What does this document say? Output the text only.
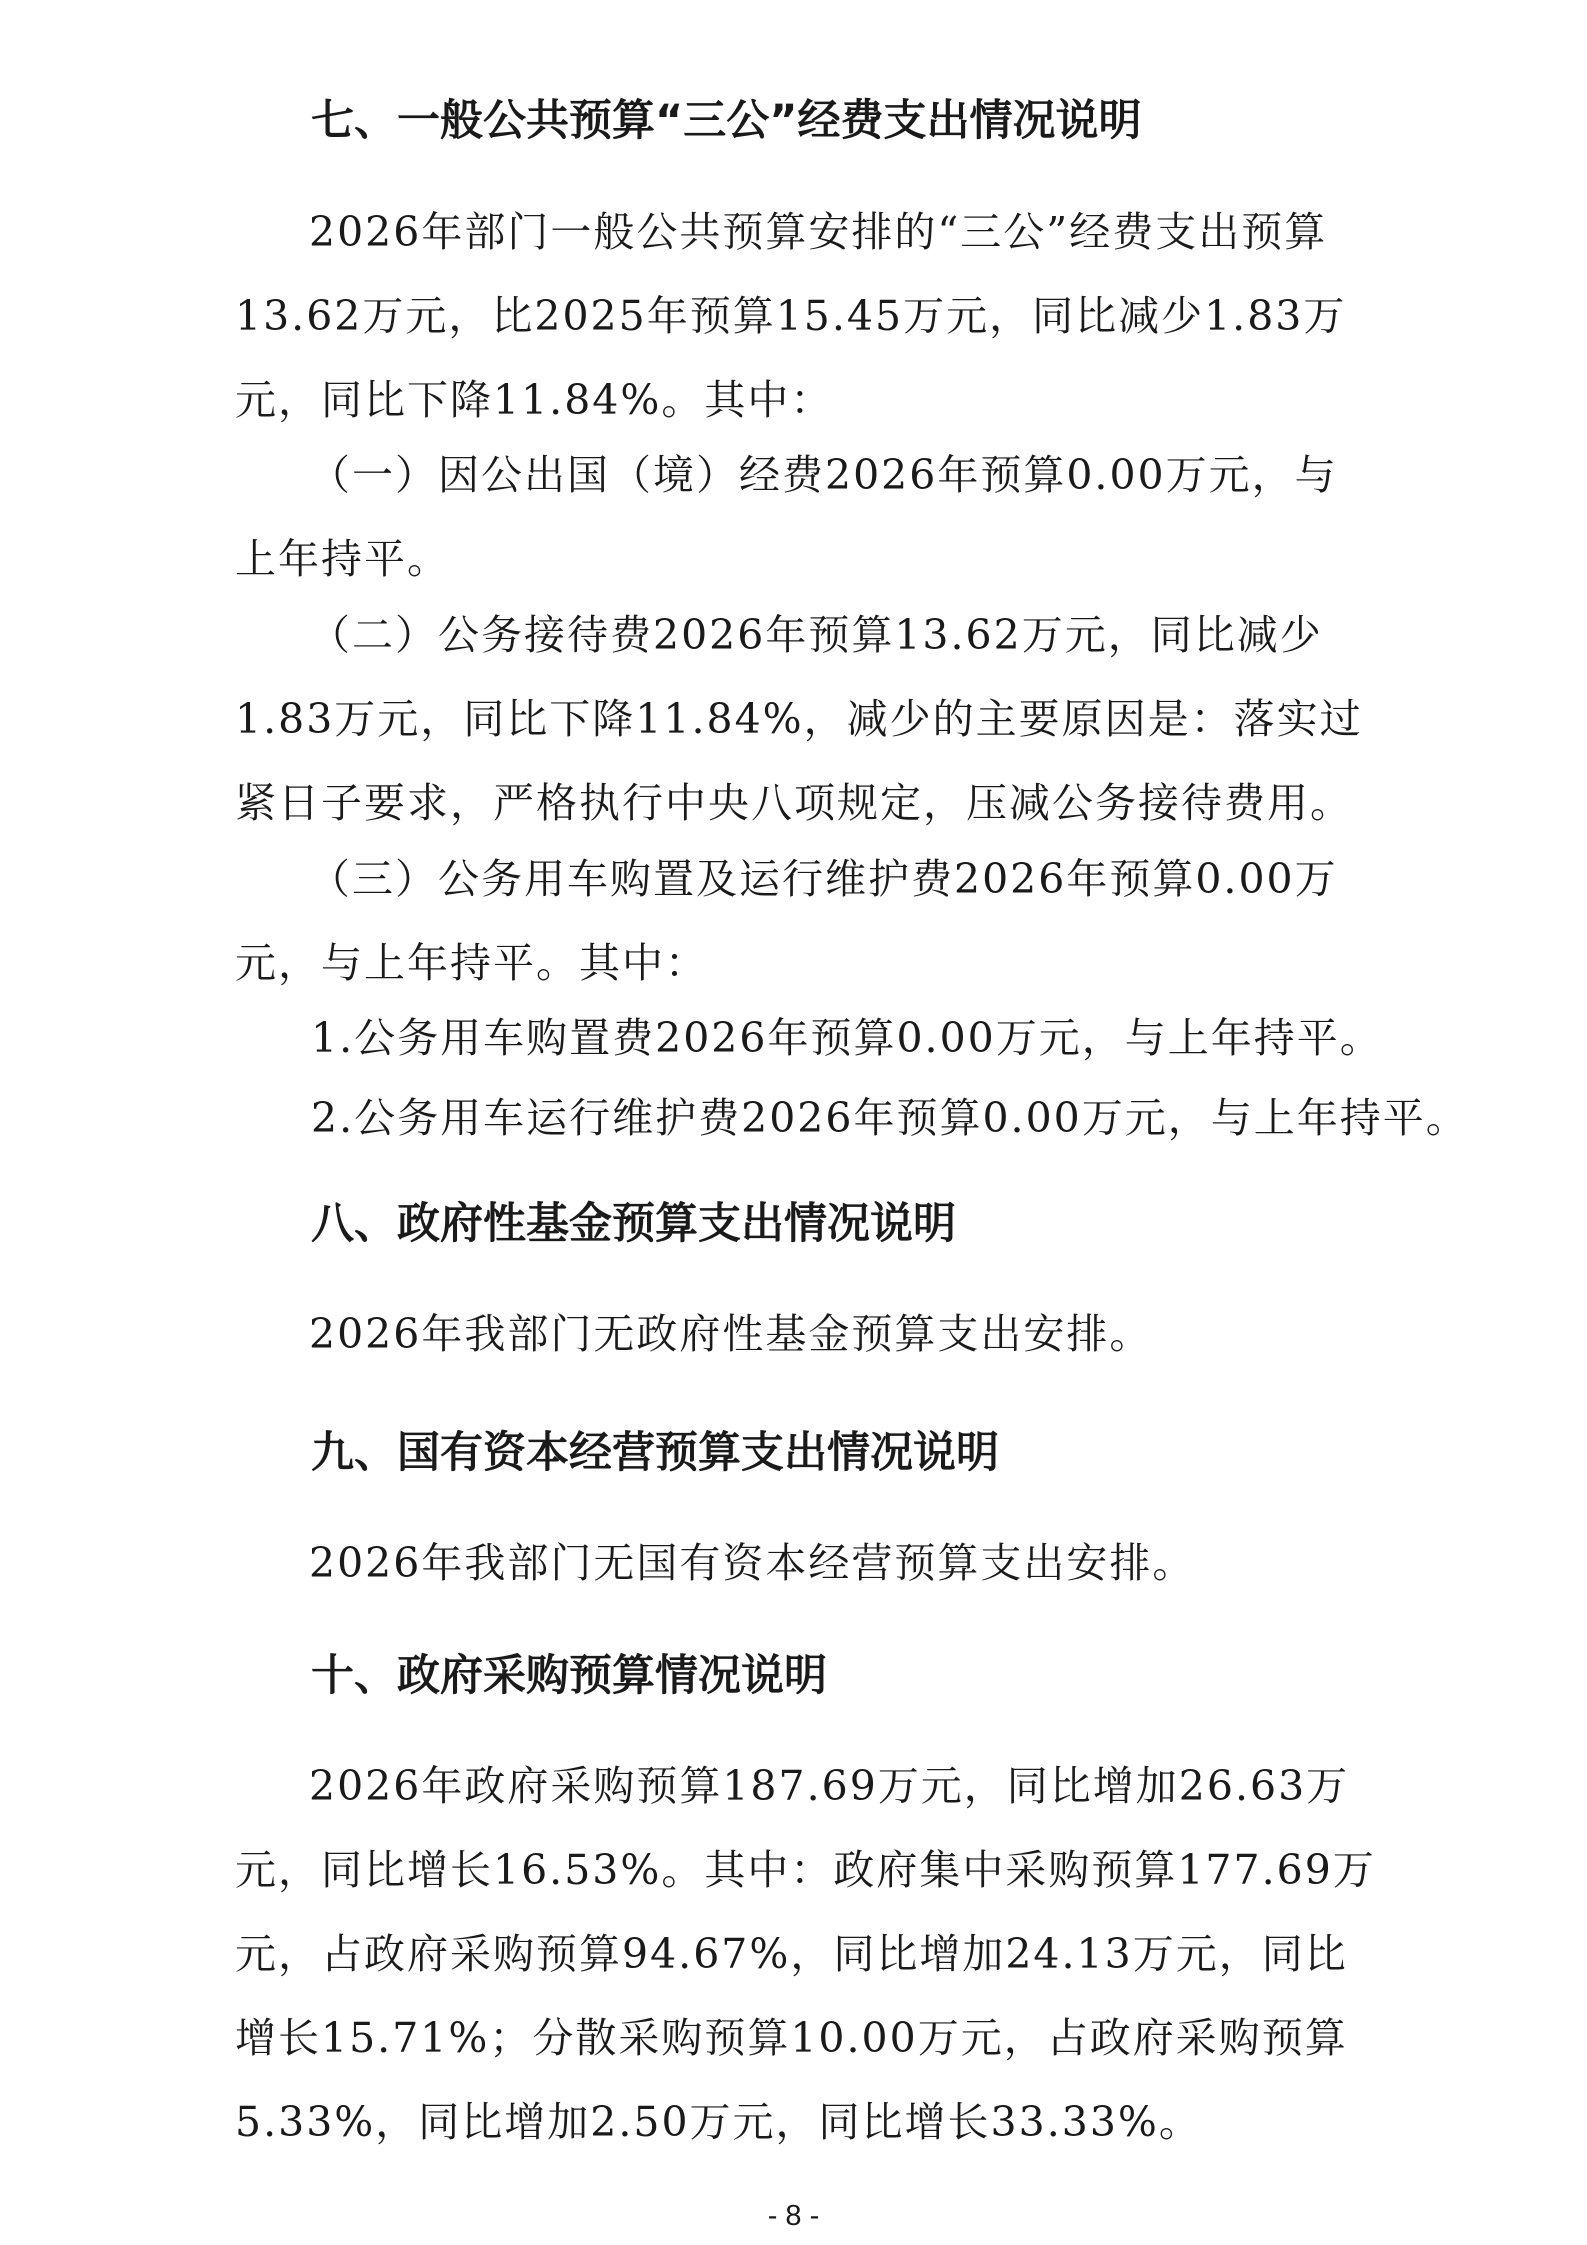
七、一般公共预算“三公”经费支出情况说明

2026年部门一般公共预算安排的“三公”经费支出预算13.62万元，比2025年预算15.45万元，同比减少1.83万元，同比下降11.84%。其中：

（一）因公出国（境）经费2026年预算0.00万元，与上年持平。

（二）公务接待费2026年预算13.62万元，同比减少1.83万元，同比下降11.84%，减少的主要原因是：落实过紧日子要求，严格执行中央八项规定，压减公务接待费用。

（三）公务用车购置及运行维护费2026年预算0.00万元，与上年持平。其中：

1.公务用车购置费2026年预算0.00万元，与上年持平。

2.公务用车运行维护费2026年预算0.00万元，与上年持平。

八、政府性基金预算支出情况说明

2026年我部门无政府性基金预算支出安排。

九、国有资本经营预算支出情况说明

2026年我部门无国有资本经营预算支出安排。

十、政府采购预算情况说明

2026年政府采购预算187.69万元，同比增加26.63万元，同比增长16.53%。其中：政府集中采购预算177.69万元，占政府采购预算94.67%，同比增加24.13万元，同比增长15.71%；分散采购预算10.00万元，占政府采购预算5.33%，同比增加2.50万元，同比增长33.33%。

- 8 -
